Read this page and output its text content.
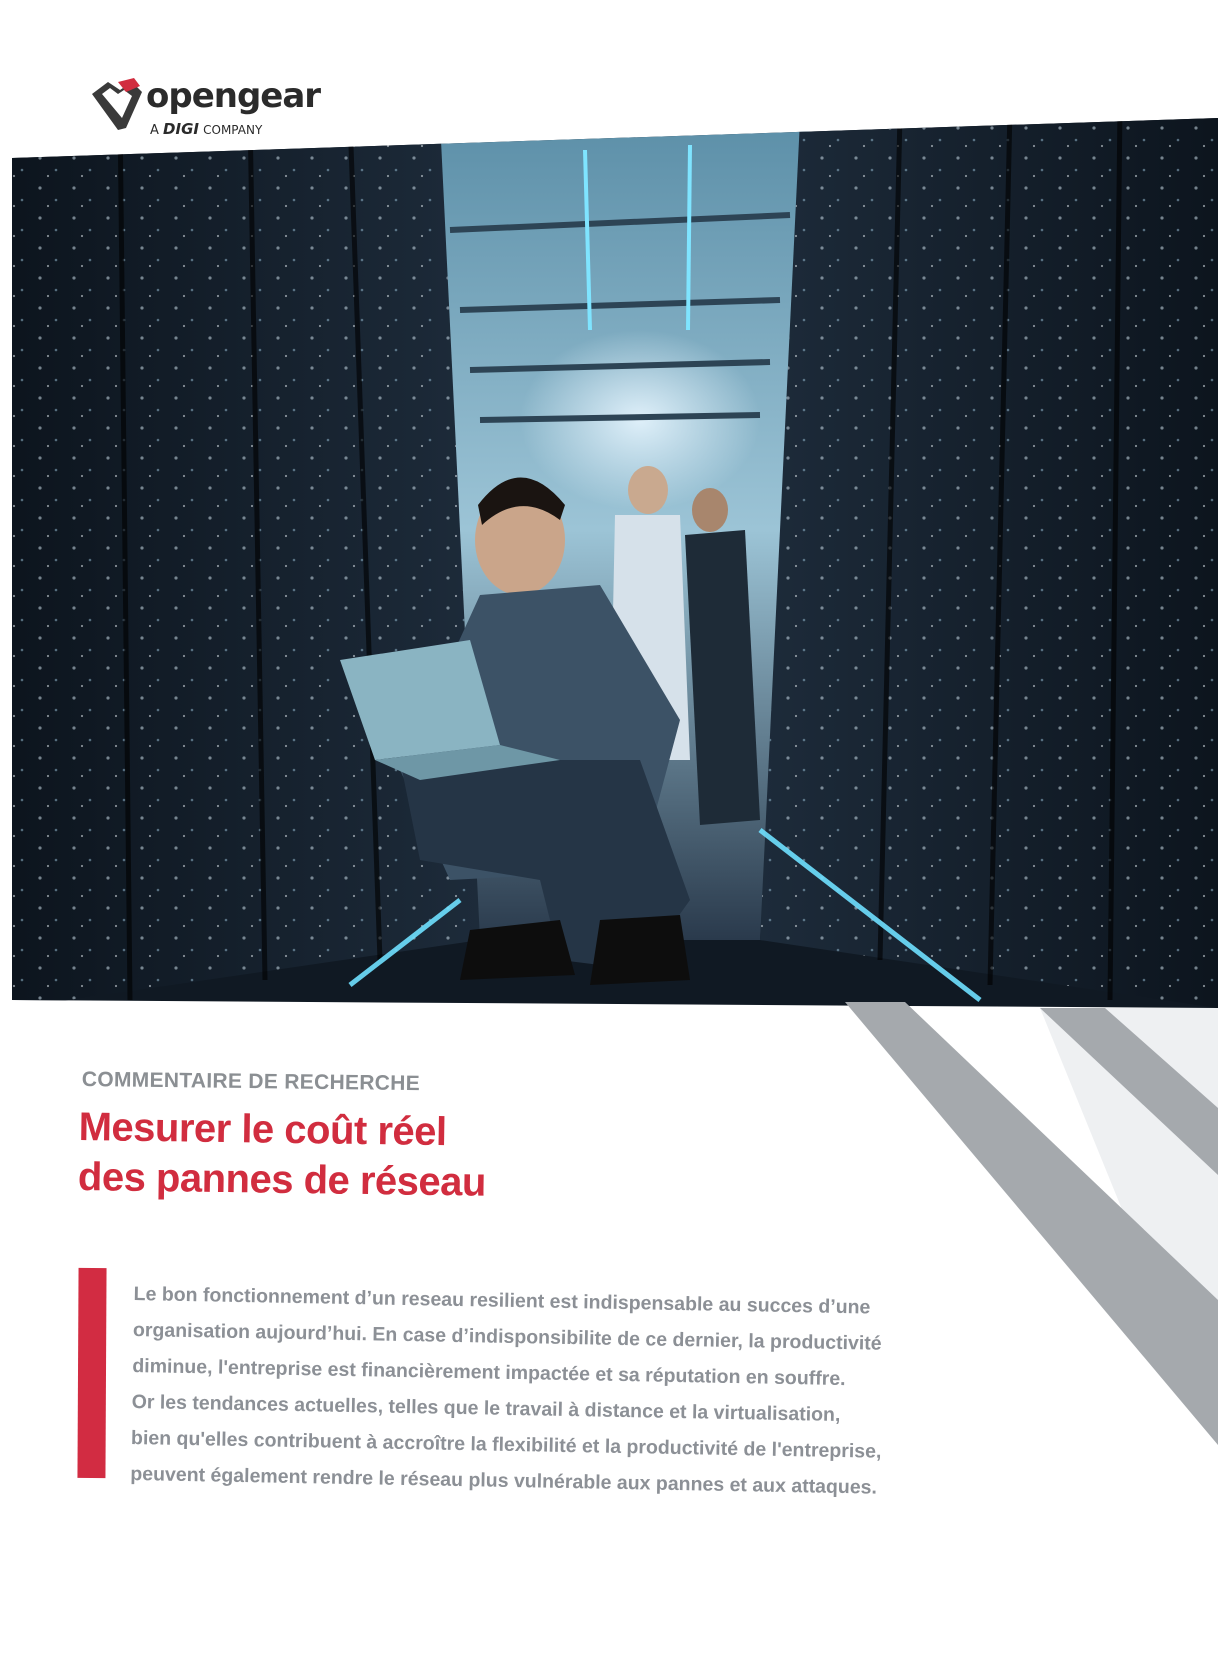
opengear
A DIGI COMPANY
COMMENTAIRE DE RECHERCHE
Mesurer le coût réel
des pannes de réseau
Le bon fonctionnement d’un reseau resilient est indispensable au succes d’une
organisation aujourd’hui. En case d’indisponsibilite de ce dernier, la productivité
diminue, l'entreprise est financièrement impactée et sa réputation en souffre.
Or les tendances actuelles, telles que le travail à distance et la virtualisation,
bien qu'elles contribuent à accroître la flexibilité et la productivité de l'entreprise,
peuvent également rendre le réseau plus vulnérable aux pannes et aux attaques.
